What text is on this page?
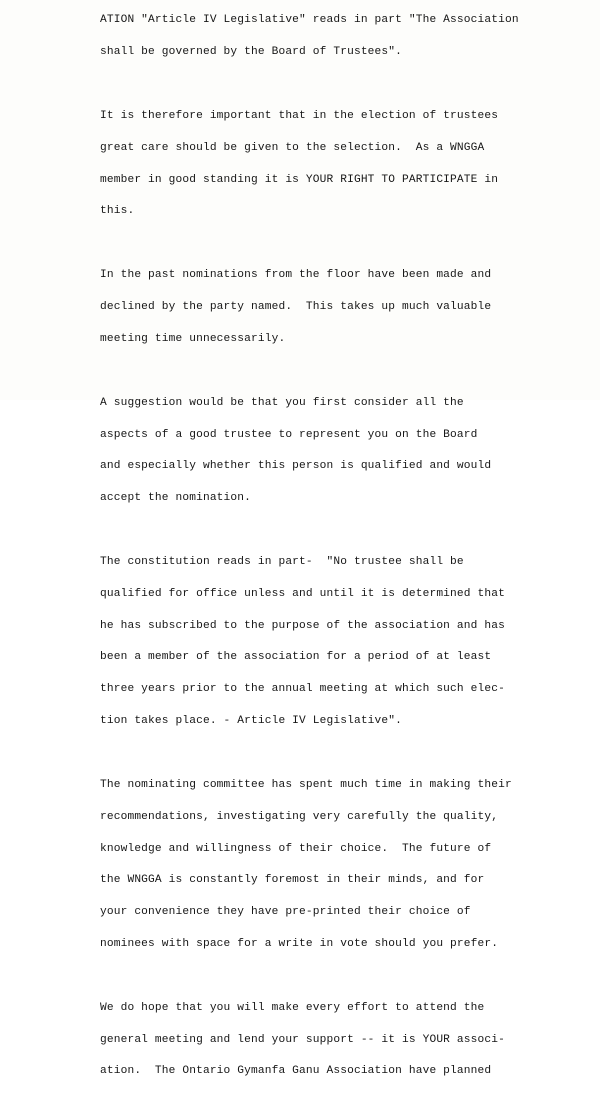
ATION "Article IV Legislative" reads in part "The Association

shall be governed by the Board of Trustees".

It is therefore important that in the election of trustees

great care should be given to the selection.  As a WNGGA

member in good standing it is YOUR RIGHT TO PARTICIPATE in

this.

In the past nominations from the floor have been made and

declined by the party named.  This takes up much valuable

meeting time unnecessarily.

A suggestion would be that you first consider all the

aspects of a good trustee to represent you on the Board

and especially whether this person is qualified and would

accept the nomination.

The constitution reads in part-  "No trustee shall be

qualified for office unless and until it is determined that

he has subscribed to the purpose of the association and has

been a member of the association for a period of at least

three years prior to the annual meeting at which such elec-

tion takes place. - Article IV Legislative".

The nominating committee has spent much time in making their

recommendations, investigating very carefully the quality,

knowledge and willingness of their choice.  The future of

the WNGGA is constantly foremost in their minds, and for

your convenience they have pre-printed their choice of

nominees with space for a write in vote should you prefer.

We do hope that you will make every effort to attend the

general meeting and lend your support -- it is YOUR associ-

ation.  The Ontario Gymanfa Ganu Association have planned
